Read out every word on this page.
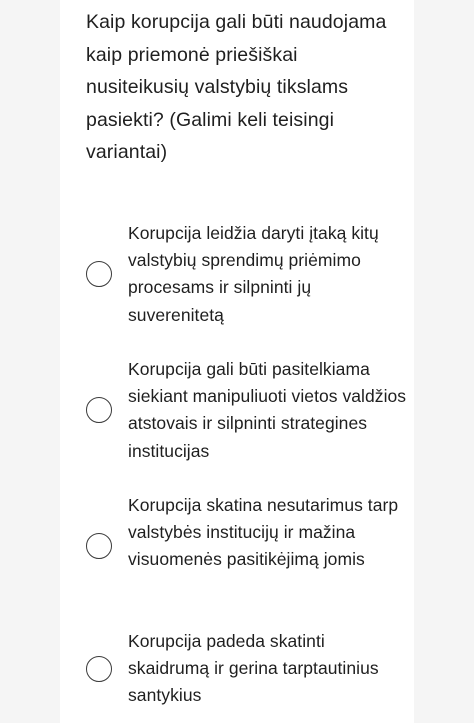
Kaip korupcija gali būti naudojama kaip priemonė priešiškai nusiteikusių valstybių tikslams pasiekti? (Galimi keli teisingi variantai)

Korupcija leidžia daryti įtaką kitų valstybių sprendimų priėmimo procesams ir silpninti jų suverenitetą
Korupcija gali būti pasitelkiama siekiant manipuliuoti vietos valdžios atstovais ir silpninti strategines institucijas
Korupcija skatina nesutarimus tarp valstybės institucijų ir mažina visuomenės pasitikėjimą jomis
Korupcija padeda skatinti skaidrumą ir gerina tarptautinius santykius
